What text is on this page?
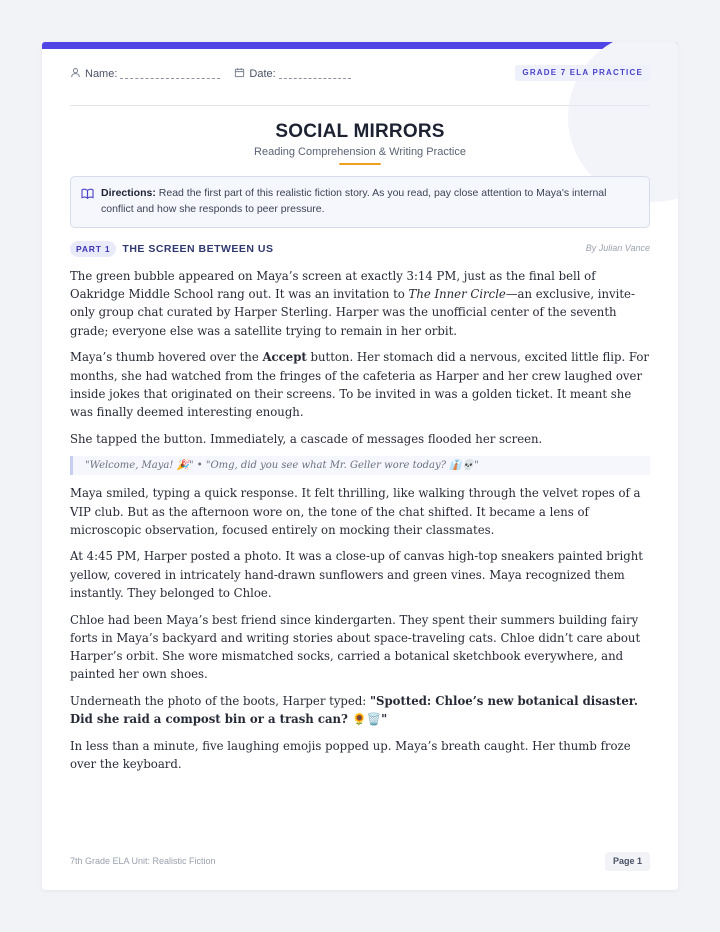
Name:	Date:	GRADE 7 ELA PRACTICE
SOCIAL MIRRORS
Reading Comprehension & Writing Practice
Directions: Read the first part of this realistic fiction story. As you read, pay close attention to Maya's internal conflict and how she responds to peer pressure.
PART 1	THE SCREEN BETWEEN US	By Julian Vance

The green bubble appeared on Maya’s screen at exactly 3:14 PM, just as the final bell of Oakridge Middle School rang out. It was an invitation to The Inner Circle—an exclusive, invite-only group chat curated by Harper Sterling. Harper was the unofficial center of the seventh grade; everyone else was a satellite trying to remain in her orbit.

Maya’s thumb hovered over the Accept button. Her stomach did a nervous, excited little flip. For months, she had watched from the fringes of the cafeteria as Harper and her crew laughed over inside jokes that originated on their screens. To be invited in was a golden ticket. It meant she was finally deemed interesting enough.

She tapped the button. Immediately, a cascade of messages flooded her screen.

"Welcome, Maya! 🎉" • "Omg, did you see what Mr. Geller wore today? 👔💀"

Maya smiled, typing a quick response. It felt thrilling, like walking through the velvet ropes of a VIP club. But as the afternoon wore on, the tone of the chat shifted. It became a lens of microscopic observation, focused entirely on mocking their classmates.

At 4:45 PM, Harper posted a photo. It was a close-up of canvas high-top sneakers painted bright yellow, covered in intricately hand-drawn sunflowers and green vines. Maya recognized them instantly. They belonged to Chloe.

Chloe had been Maya’s best friend since kindergarten. They spent their summers building fairy forts in Maya’s backyard and writing stories about space-traveling cats. Chloe didn’t care about Harper’s orbit. She wore mismatched socks, carried a botanical sketchbook everywhere, and painted her own shoes.

Underneath the photo of the boots, Harper typed: "Spotted: Chloe’s new botanical disaster. Did she raid a compost bin or a trash can? 🌻🗑️"

In less than a minute, five laughing emojis popped up. Maya’s breath caught. Her thumb froze over the keyboard.

7th Grade ELA Unit: Realistic Fiction	Page 1
